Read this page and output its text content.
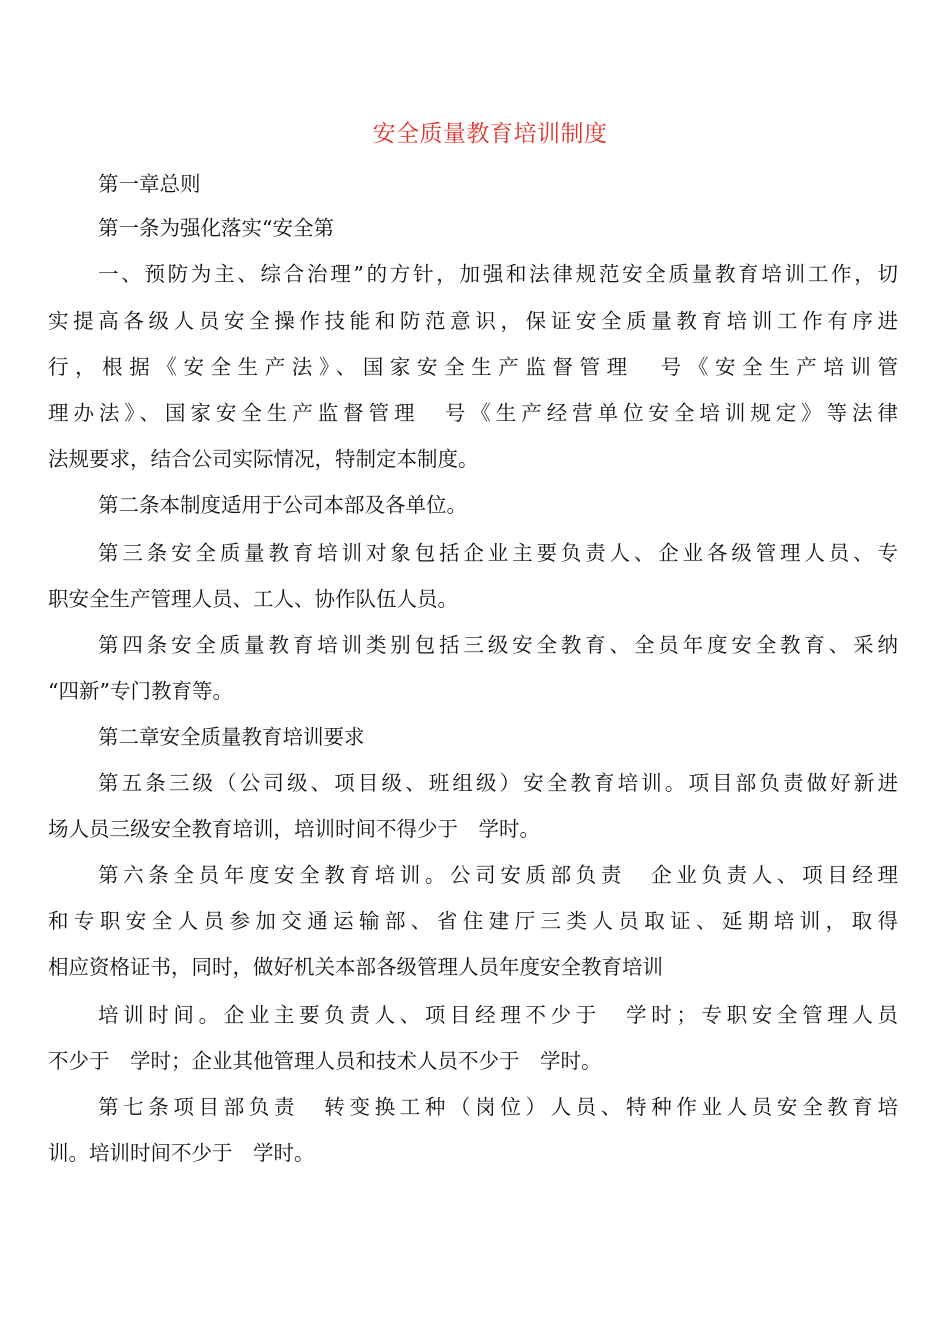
安全质量教育培训制度
第一章总则
第一条为强化落实“安全第
一、预防为主、综合治理”的方针，加强和法律规范安全质量教育培训工作，切
实提高各级人员安全操作技能和防范意识，保证安全质量教育培训工作有序进
行，根据《安全生产法》、国家安全生产监督管理　号《安全生产培训管
理办法》、国家安全生产监督管理　号《生产经营单位安全培训规定》等法律
法规要求，结合公司实际情况，特制定本制度。
第二条本制度适用于公司本部及各单位。
第三条安全质量教育培训对象包括企业主要负责人、企业各级管理人员、专
职安全生产管理人员、工人、协作队伍人员。
第四条安全质量教育培训类别包括三级安全教育、全员年度安全教育、采纳
“四新”专门教育等。
第二章安全质量教育培训要求
第五条三级（公司级、项目级、班组级）安全教育培训。项目部负责做好新进
场人员三级安全教育培训，培训时间不得少于　学时。
第六条全员年度安全教育培训。公司安质部负责　企业负责人、项目经理
和专职安全人员参加交通运输部、省住建厅三类人员取证、延期培训，取得
相应资格证书，同时，做好机关本部各级管理人员年度安全教育培训
培训时间。企业主要负责人、项目经理不少于　学时；专职安全管理人员
不少于　学时；企业其他管理人员和技术人员不少于　学时。
第七条项目部负责　转变换工种（岗位）人员、特种作业人员安全教育培
训。培训时间不少于　学时。
